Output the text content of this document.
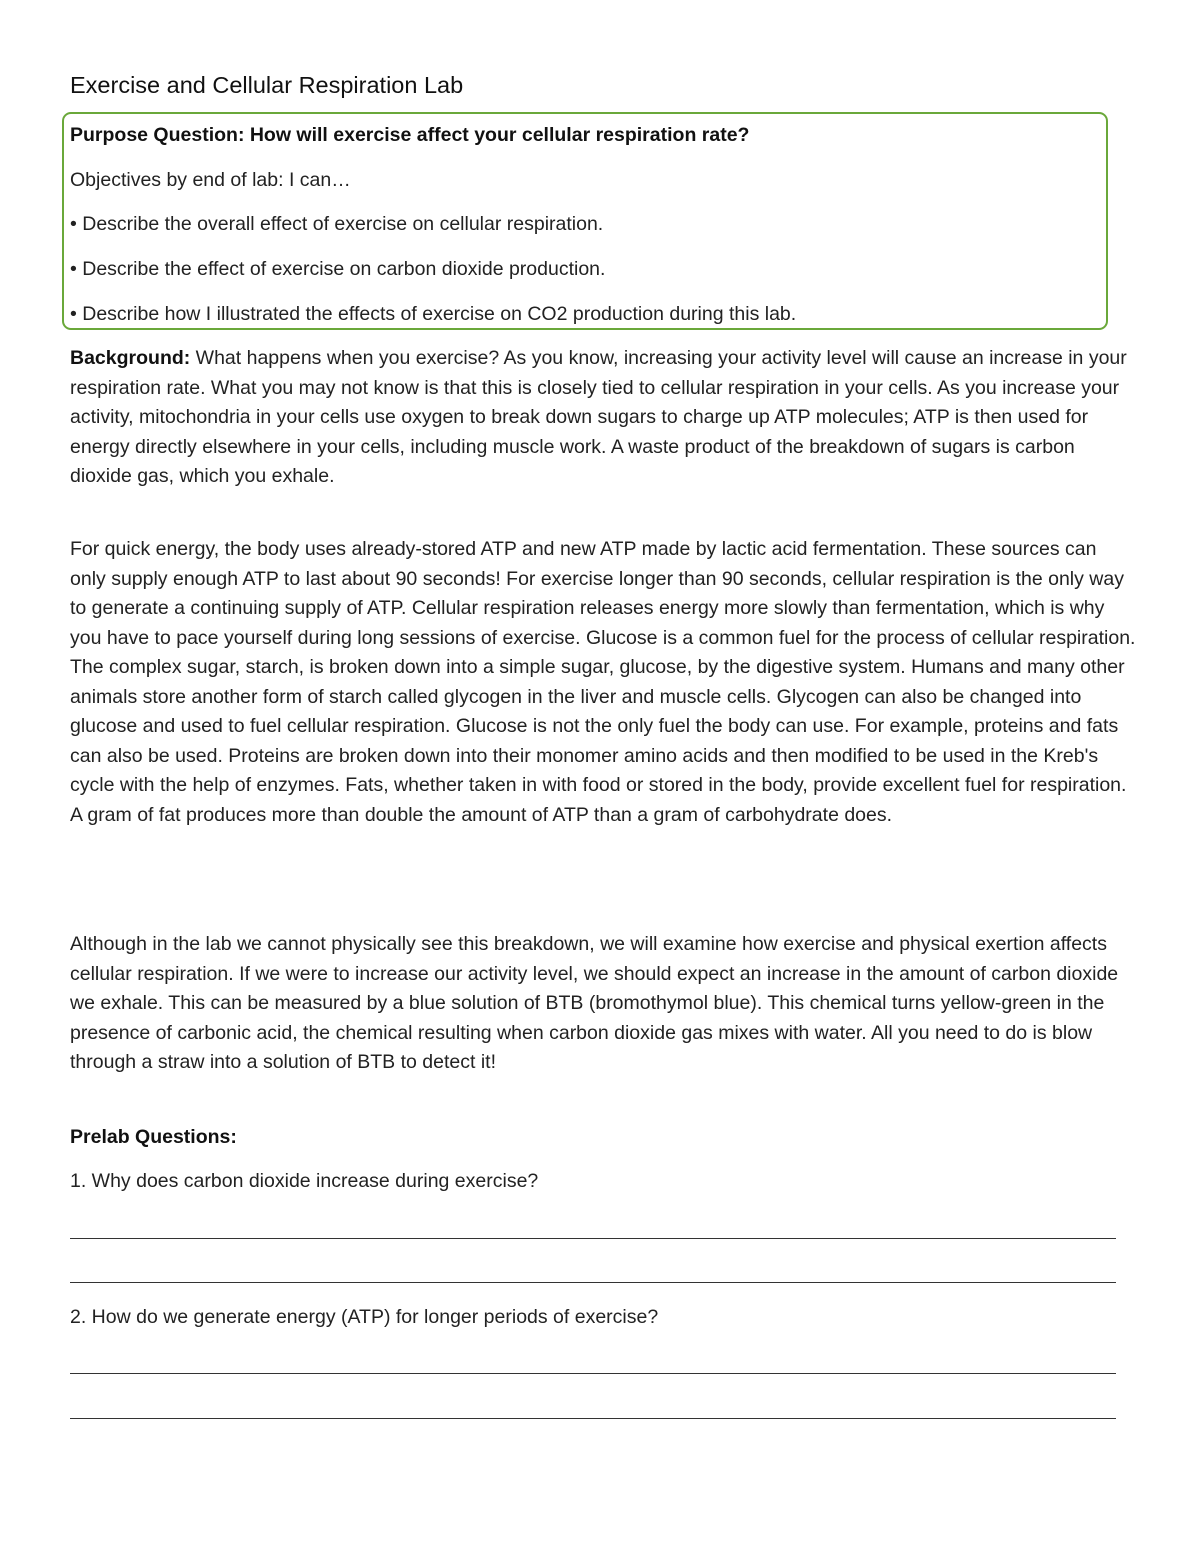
Exercise and Cellular Respiration Lab
Purpose Question: How will exercise affect your cellular respiration rate?
Objectives by end of lab: I can…
• Describe the overall effect of exercise on cellular respiration.
• Describe the effect of exercise on carbon dioxide production.
• Describe how I illustrated the effects of exercise on CO2 production during this lab.

Background: What happens when you exercise? As you know, increasing your activity level will cause an increase in your respiration rate. What you may not know is that this is closely tied to cellular respiration in your cells. As you increase your activity, mitochondria in your cells use oxygen to break down sugars to charge up ATP molecules; ATP is then used for energy directly elsewhere in your cells, including muscle work. A waste product of the breakdown of sugars is carbon dioxide gas, which you exhale.

For quick energy, the body uses already-stored ATP and new ATP made by lactic acid fermentation. These sources can only supply enough ATP to last about 90 seconds! For exercise longer than 90 seconds, cellular respiration is the only way to generate a continuing supply of ATP. Cellular respiration releases energy more slowly than fermentation, which is why you have to pace yourself during long sessions of exercise. Glucose is a common fuel for the process of cellular respiration. The complex sugar, starch, is broken down into a simple sugar, glucose, by the digestive system. Humans and many other animals store another form of starch called glycogen in the liver and muscle cells. Glycogen can also be changed into glucose and used to fuel cellular respiration. Glucose is not the only fuel the body can use. For example, proteins and fats can also be used. Proteins are broken down into their monomer amino acids and then modified to be used in the Kreb's cycle with the help of enzymes. Fats, whether taken in with food or stored in the body, provide excellent fuel for respiration. A gram of fat produces more than double the amount of ATP than a gram of carbohydrate does.

Although in the lab we cannot physically see this breakdown, we will examine how exercise and physical exertion affects cellular respiration. If we were to increase our activity level, we should expect an increase in the amount of carbon dioxide we exhale. This can be measured by a blue solution of BTB (bromothymol blue). This chemical turns yellow-green in the presence of carbonic acid, the chemical resulting when carbon dioxide gas mixes with water. All you need to do is blow through a straw into a solution of BTB to detect it!

Prelab Questions:
1. Why does carbon dioxide increase during exercise?
2. How do we generate energy (ATP) for longer periods of exercise?
